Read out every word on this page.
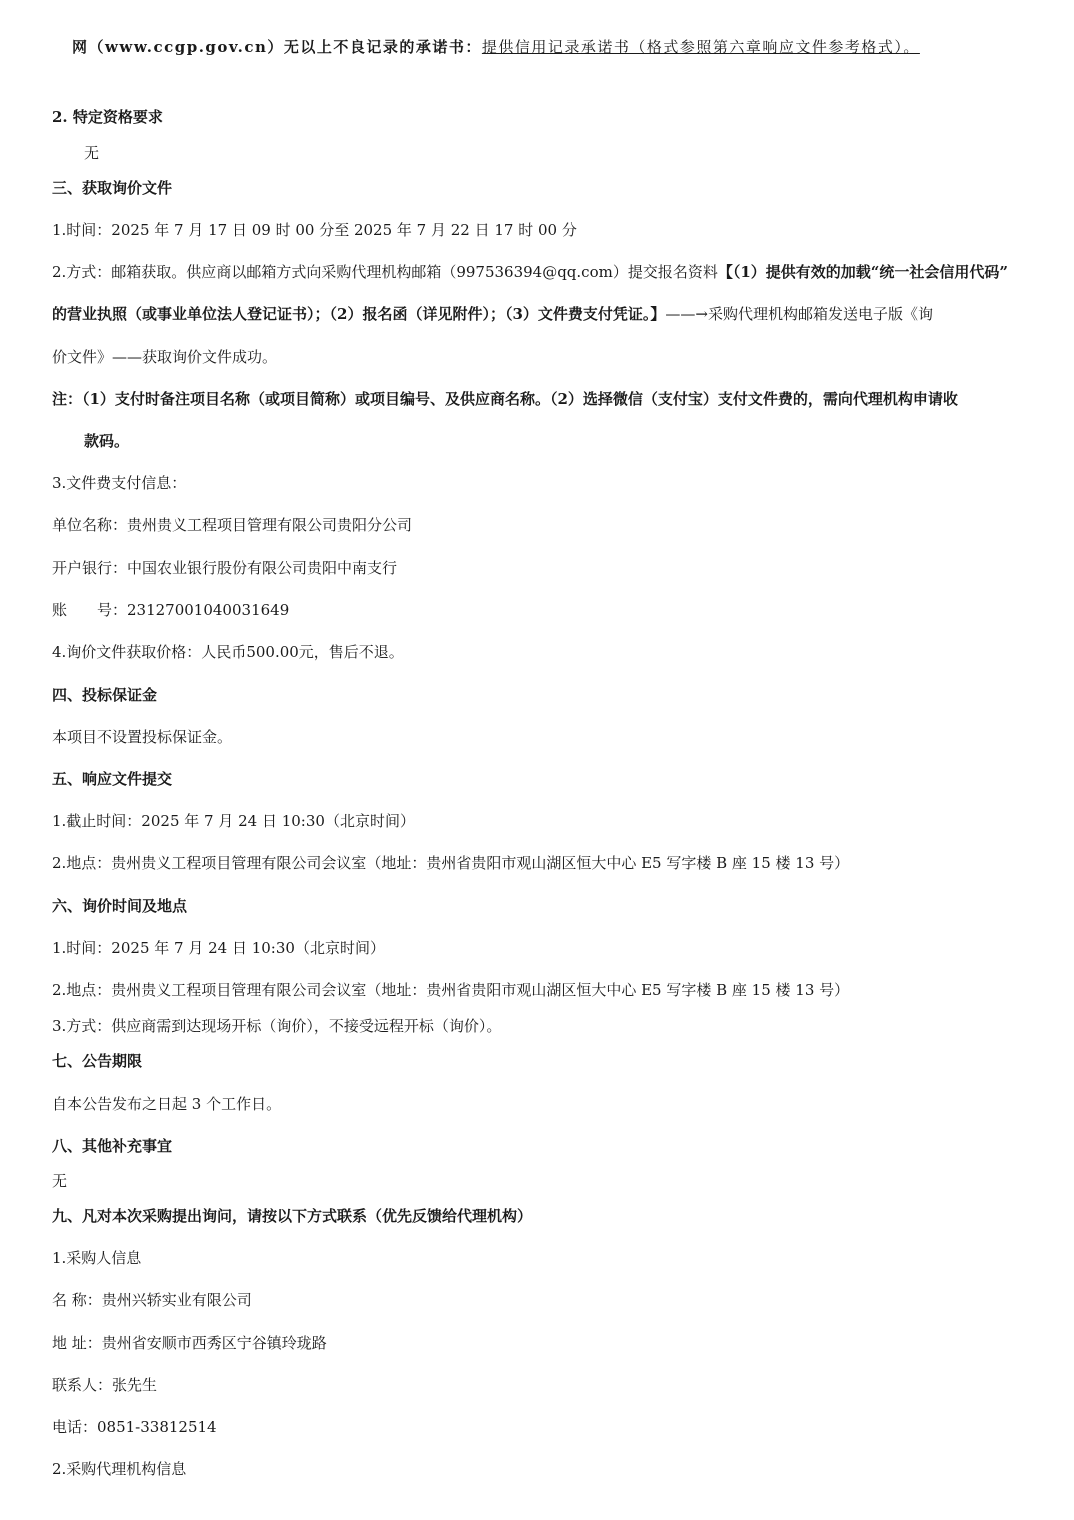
网（www.ccgp.gov.cn）无以上不良记录的承诺书：提供信用记录承诺书（格式参照第六章响应文件参考格式）。

2. 特定资格要求

无

三、获取询价文件

1.时间：2025 年 7 月 17 日 09 时 00 分至 2025 年 7 月 22 日 17 时 00 分

2.方式：邮箱获取。供应商以邮箱方式向采购代理机构邮箱（997536394@qq.com）提交报名资料【（1）提供有效的加载“统一社会信用代码”

的营业执照（或事业单位法人登记证书）；（2）报名函（详见附件）；（3）文件费支付凭证。】——→采购代理机构邮箱发送电子版《询

价文件》——获取询价文件成功。

注：（1）支付时备注项目名称（或项目简称）或项目编号、及供应商名称。（2）选择微信（支付宝）支付文件费的，需向代理机构申请收

款码。

3.文件费支付信息：

单位名称：贵州贵义工程项目管理有限公司贵阳分公司

开户银行：中国农业银行股份有限公司贵阳中南支行

账　　号：23127001040031649

4.询价文件获取价格：人民币500.00元，售后不退。

四、投标保证金

本项目不设置投标保证金。

五、响应文件提交

1.截止时间：2025 年 7 月 24 日 10:30（北京时间）

2.地点：贵州贵义工程项目管理有限公司会议室（地址：贵州省贵阳市观山湖区恒大中心 E5 写字楼 B 座 15 楼 13 号）

六、询价时间及地点

1.时间：2025 年 7 月 24 日 10:30（北京时间）

2.地点：贵州贵义工程项目管理有限公司会议室（地址：贵州省贵阳市观山湖区恒大中心 E5 写字楼 B 座 15 楼 13 号）

3.方式：供应商需到达现场开标（询价），不接受远程开标（询价）。

七、公告期限

自本公告发布之日起 3 个工作日。

八、其他补充事宜

无

九、凡对本次采购提出询问，请按以下方式联系（优先反馈给代理机构）

1.采购人信息

名 称：贵州兴轿实业有限公司

地 址：贵州省安顺市西秀区宁谷镇玲珑路

联系人：张先生

电话：0851-33812514

2.采购代理机构信息
